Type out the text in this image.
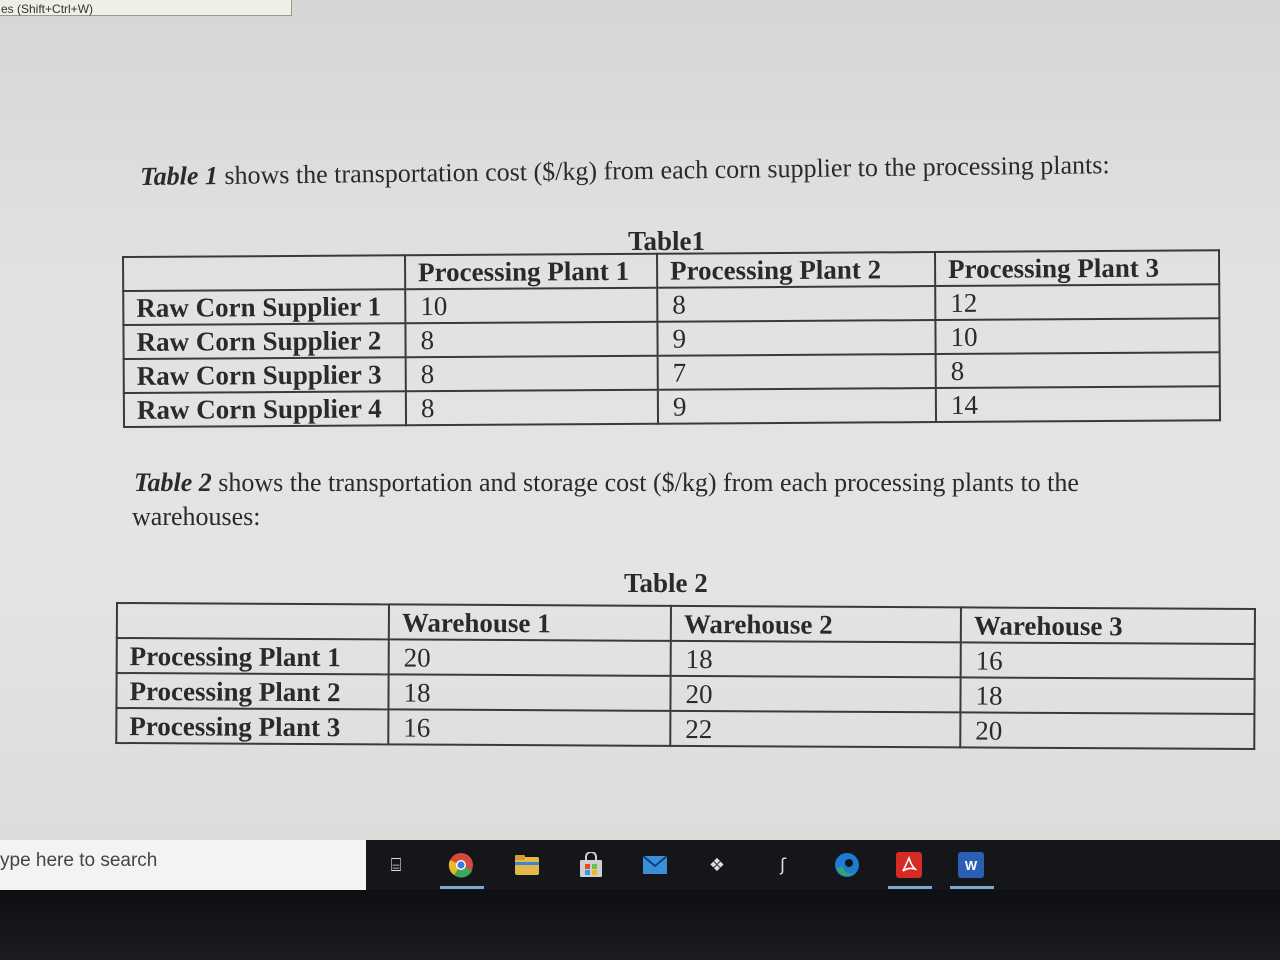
es (Shift+Ctrl+W)
Table 1 shows the transportation cost ($/kg) from each corn supplier to the processing plants:
Table1
	Processing Plant 1	Processing Plant 2	Processing Plant 3
Raw Corn Supplier 1	10	8	12
Raw Corn Supplier 2	8	9	10
Raw Corn Supplier 3	8	7	8
Raw Corn Supplier 4	8	9	14
Table 2 shows the transportation and storage cost ($/kg) from each processing plants to the
warehouses:
Table 2
	Warehouse 1	Warehouse 2	Warehouse 3
Processing Plant 1	20	18	16
Processing Plant 2	18	20	18
Processing Plant 3	16	22	20
ype here to search	⌸	❖	ʃ	W
